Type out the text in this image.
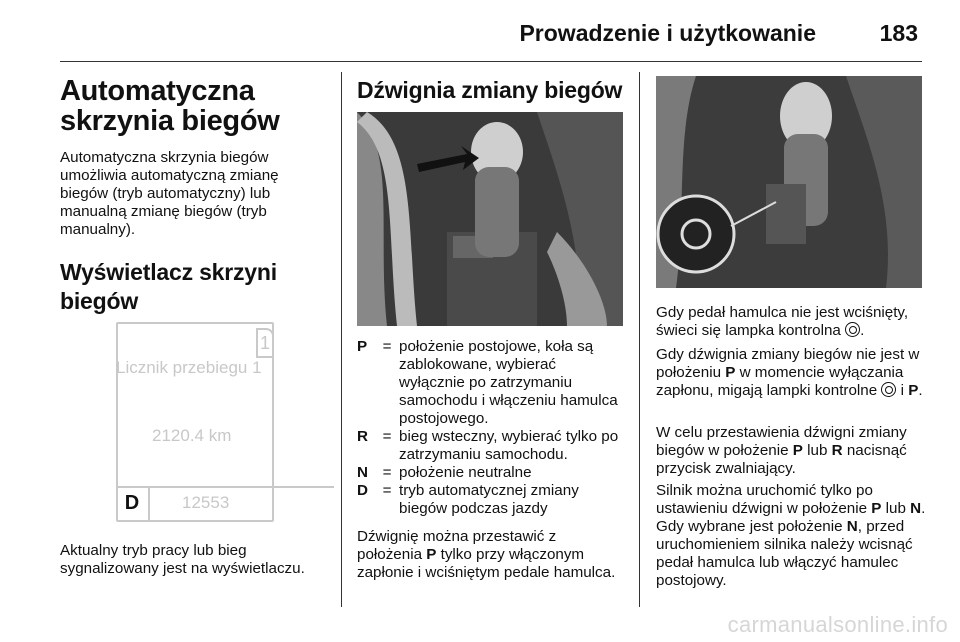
Prowadzenie i użytkowanie	183
Automatyczna skrzynia biegów

Automatyczna skrzynia biegów umożliwia automatyczną zmianę biegów (tryb automatyczny) lub manualną zmianę biegów (tryb manualny).

Wyświetlacz skrzyni biegów
1
Licznik przebiegu 1
2120.4 km
D	12553

Aktualny tryb pracy lub bieg sygnalizowany jest na wyświetlaczu.

Dźwignia zmiany biegów
P	= położenie postojowe, koła są zablokowane, wybierać wyłącznie po zatrzymaniu samochodu i włączeniu hamulca postojowego.
R = bieg wsteczny, wybierać tylko po zatrzymaniu samochodu.
N = położenie neutralne
D = tryb automatycznej zmiany biegów podczas jazdy

Dźwignię można przestawić z położenia P tylko przy włączonym zapłonie i wciśniętym pedale hamulca.

Gdy pedał hamulca nie jest wciśnięty, świeci się lampka kontrolna .

Gdy dźwignia zmiany biegów nie jest w położeniu P w momencie wyłączania zapłonu, migają lampki kontrolne  i P.

W celu przestawienia dźwigni zmiany biegów w położenie P lub R nacisnąć przycisk zwalniający.

Silnik można uruchomić tylko po ustawieniu dźwigni w położenie P lub N. Gdy wybrane jest położenie N, przed uruchomieniem silnika należy wcisnąć pedał hamulca lub włączyć hamulec postojowy.

carmanualsonline.info
